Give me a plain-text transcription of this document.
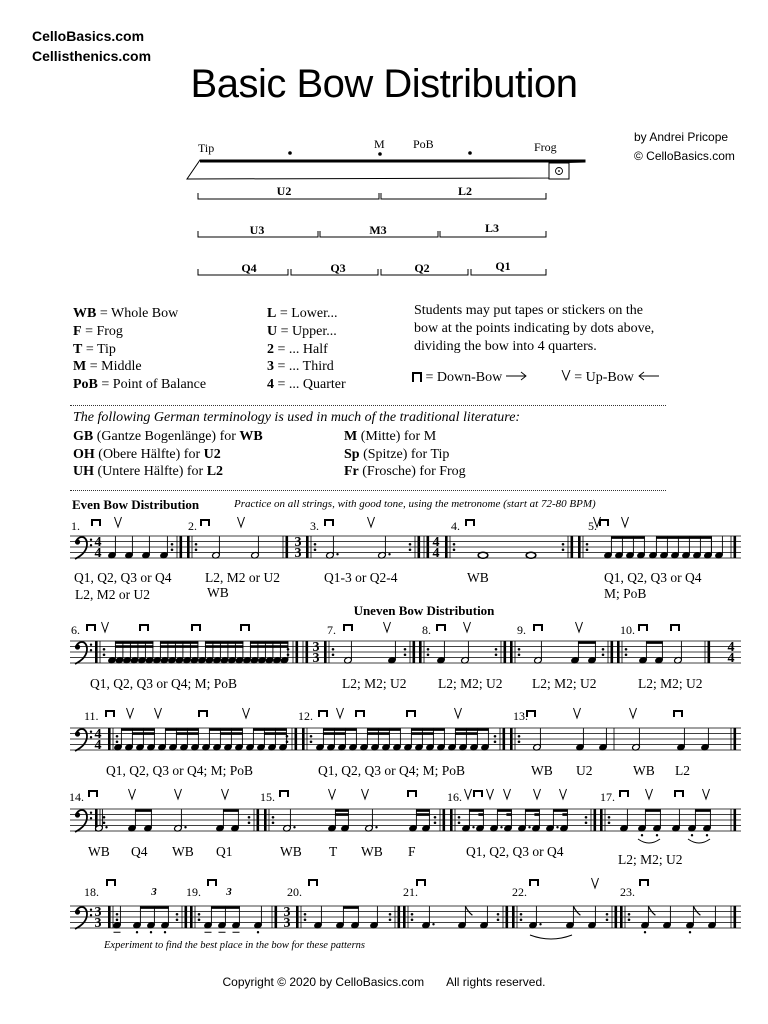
CelloBasics.com
Cellisthenics.com
Basic Bow Distribution
by Andrei Pricope
© CelloBasics.com
Tip	M PoB	Frog
U2	L2
U3	M3	L3
Q4	Q3	Q2	Q1
WB = Whole Bow
F = Frog
T = Tip
M = Middle
PoB = Point of Balance
L = Lower...
U = Upper...
2 = ... Half
3 = ... Third
4 = ... Quarter
Students may put tapes or stickers on the bow at the points indicating by dots above, dividing the bow into 4 quarters.
= Down-Bow	= Up-Bow
The following German terminology is used in much of the traditional literature:
GB (Gantze Bogenlänge) for WB
OH (Obere Hälfte) for U2
UH (Untere Hälfte) for L2
M (Mitte) for M
Sp (Spitze) for Tip
Fr (Frosche) for Frog
Even Bow Distribution	Practice on all strings, with good tone, using the metronome (start at 72-80 BPM)
Uneven Bow Distribution
1.	2.	3.	4.	5.
6.	7.	8.	9.	10.
11.	12.	13.
14.	15.	16.	17.
18.	19.	20.	21.	22.	23.
4
4
3
3
4
4
3
3
4
4
4
4
3
3
3
3
3	3
Q1, Q2, Q3 or Q4
L2, M2 or U2
L2, M2 or U2
WB
Q1-3 or Q2-4	WB	Q1, Q2, Q3 or Q4
M; PoB
Q1, Q2, Q3 or Q4; M; PoB	L2; M2; U2 L2; M2; U2 L2; M2; U2	L2; M2; U2
Q1, Q2, Q3 or Q4; M; PoB	Q1, Q2, Q3 or Q4; M; PoB	WB U2	WB L2
WB Q4 WB Q1	WB T WB F	Q1, Q2, Q3 or Q4
L2; M2; U2
Experiment to find the best place in the bow for these patterns
Copyright © 2020 by CelloBasics.com All rights reserved.
